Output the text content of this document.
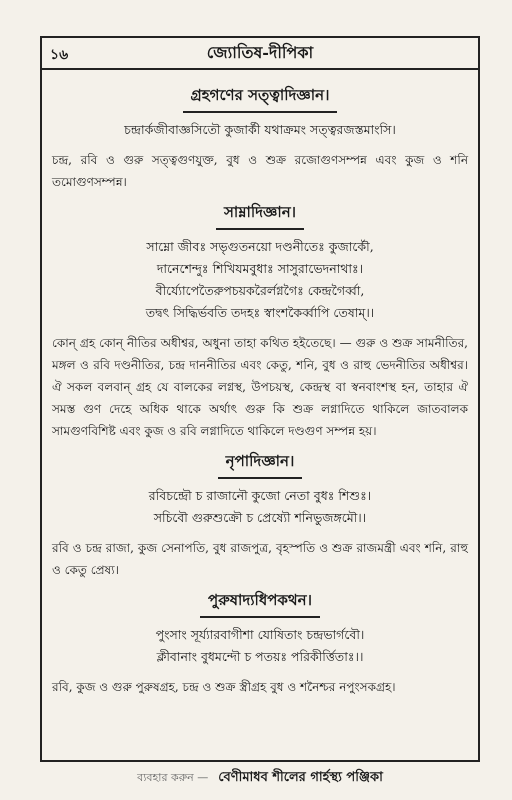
১৬	জ্যোতিষ-দীপিকা
গ্রহগণের সত্ত্বাদিজ্ঞান।
চন্দ্রার্কজীবাজ্ঞসিতৌ কুজার্কী যথাক্রমং সত্ত্বরজস্তমাংসি।
চন্দ্র, রবি ও গুরু সত্ত্বগুণযুক্ত, বুধ ও শুক্র রজোগুণসম্পন্ন এবং কুজ ও শনি তমোগুণসম্পন্ন।
সাম্নাদিজ্ঞান।
সাম্নো জীবঃ সভৃগুতনয়ো দণ্ডনীতেঃ কুজার্কৌ,
দানেশেন্দুঃ শিখিযমবুধাঃ সাসুরাভেদনাথাঃ।
বীর্য্যোপেতৈরুপচয়করৈর্লগ্নগৈঃ কেন্দ্রগৈর্ব্বা,
তদ্বৎ সিদ্ধির্ভবতি তদহঃ স্বাংশকৈর্ব্বাপি তেষাম্।।
কোন্ গ্রহ কোন্ নীতির অধীশ্বর, অধুনা তাহা কথিত হইতেছে। — গুরু ও শুক্র সামনীতির, মঙ্গল ও রবি দণ্ডনীতির, চন্দ্র দাননীতির এবং কেতু, শনি, বুধ ও রাহু ভেদনীতির অধীশ্বর। ঐ সকল বলবান্ গ্রহ যে বালকের লগ্নস্থ, উপচয়স্থ, কেন্দ্রস্থ বা স্বনবাংশস্থ হন, তাহার ঐ সমস্ত গুণ দেহে অধিক থাকে অর্থাৎ গুরু কি শুক্র লগ্নাদিতে থাকিলে জাতবালক সামগুণবিশিষ্ট এবং কুজ ও রবি লগ্নাদিতে থাকিলে দণ্ডগুণ সম্পন্ন হয়।
নৃপাদিজ্ঞান।
রবিচন্দ্রৌ চ রাজানৌ কুজো নেতা বুধঃ শিশুঃ।
সচিবৌ গুরুশুক্রৌ চ প্রেষ্যৌ শনিভুজঙ্গমৌ।।
রবি ও চন্দ্র রাজা, কুজ সেনাপতি, বুধ রাজপুত্র, বৃহস্পতি ও শুক্র রাজমন্ত্রী এবং শনি, রাহু ও কেতু প্রেষ্য।
পুরুষাদ্যধিপকথন।
পুংসাং সূর্য্যারবাগীশা যোষিতাং চন্দ্রভার্গবৌ।
ক্লীবানাং বুধমন্দৌ চ পতয়ঃ পরিকীর্ত্তিতাঃ।।
রবি, কুজ ও গুরু পুরুষগ্রহ, চন্দ্র ও শুক্র স্ত্রীগ্রহ বুধ ও শনৈশ্চর নপুংসকগ্রহ।
ব্যবহার করুন — বেণীমাধব শীলের গার্হস্থ্য পঞ্জিকা
